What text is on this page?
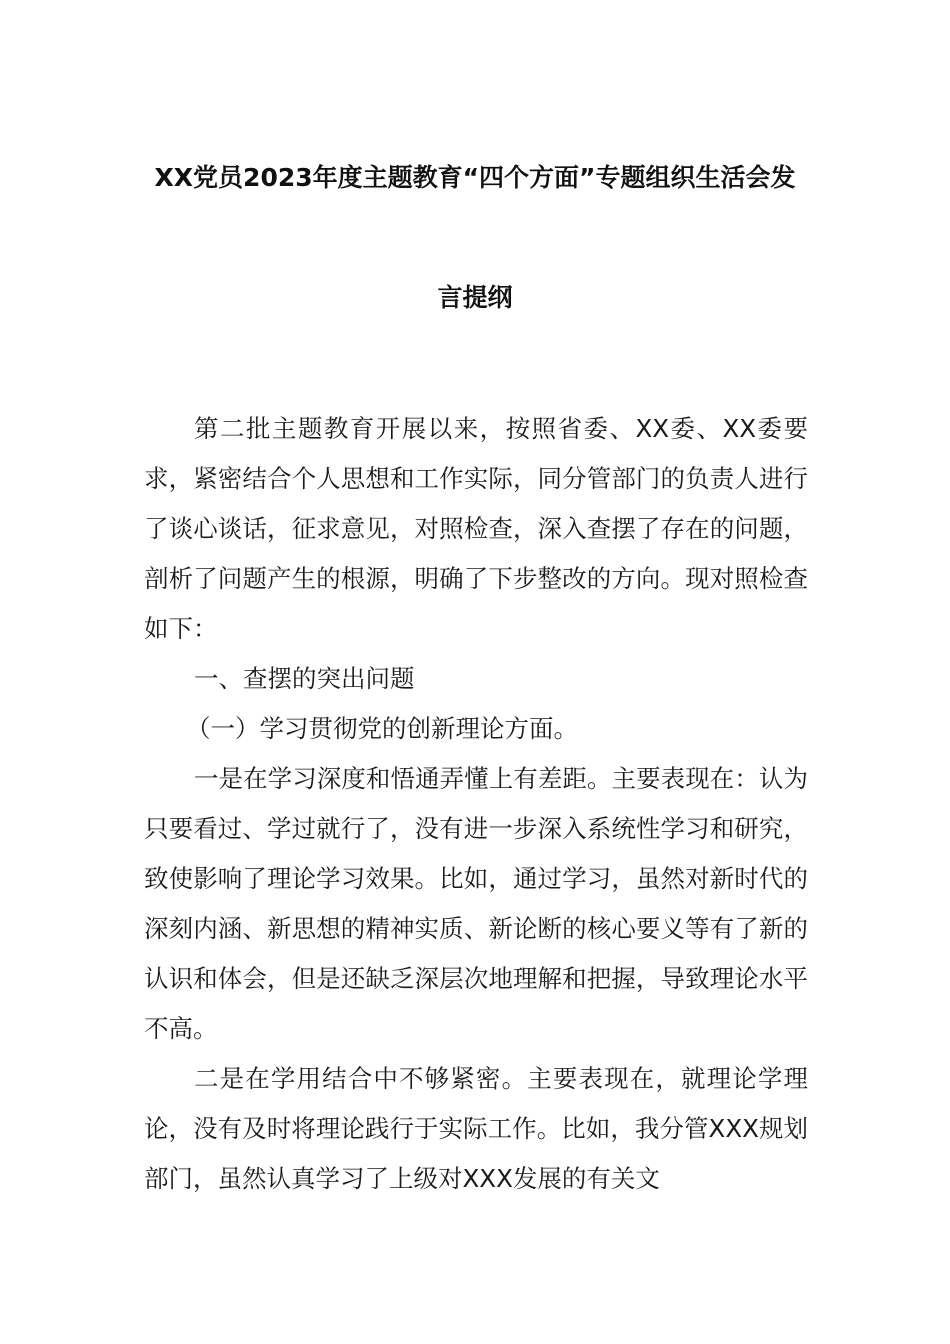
XX党员2023年度主题教育“四个方面”专题组织生活会发
言提纲

第二批主题教育开展以来，按照省委、XX委、XX委要求，紧密结合个人思想和工作实际，同分管部门的负责人进行了谈心谈话，征求意见，对照检查，深入查摆了存在的问题，剖析了问题产生的根源，明确了下步整改的方向。现对照检查如下：

一、查摆的突出问题

（一）学习贯彻党的创新理论方面。

一是在学习深度和悟通弄懂上有差距。主要表现在：认为只要看过、学过就行了，没有进一步深入系统性学习和研究，致使影响了理论学习效果。比如，通过学习，虽然对新时代的深刻内涵、新思想的精神实质、新论断的核心要义等有了新的认识和体会，但是还缺乏深层次地理解和把握，导致理论水平不高。

二是在学用结合中不够紧密。主要表现在，就理论学理论，没有及时将理论践行于实际工作。比如，我分管XXX规划部门，虽然认真学习了上级对XXX发展的有关文
